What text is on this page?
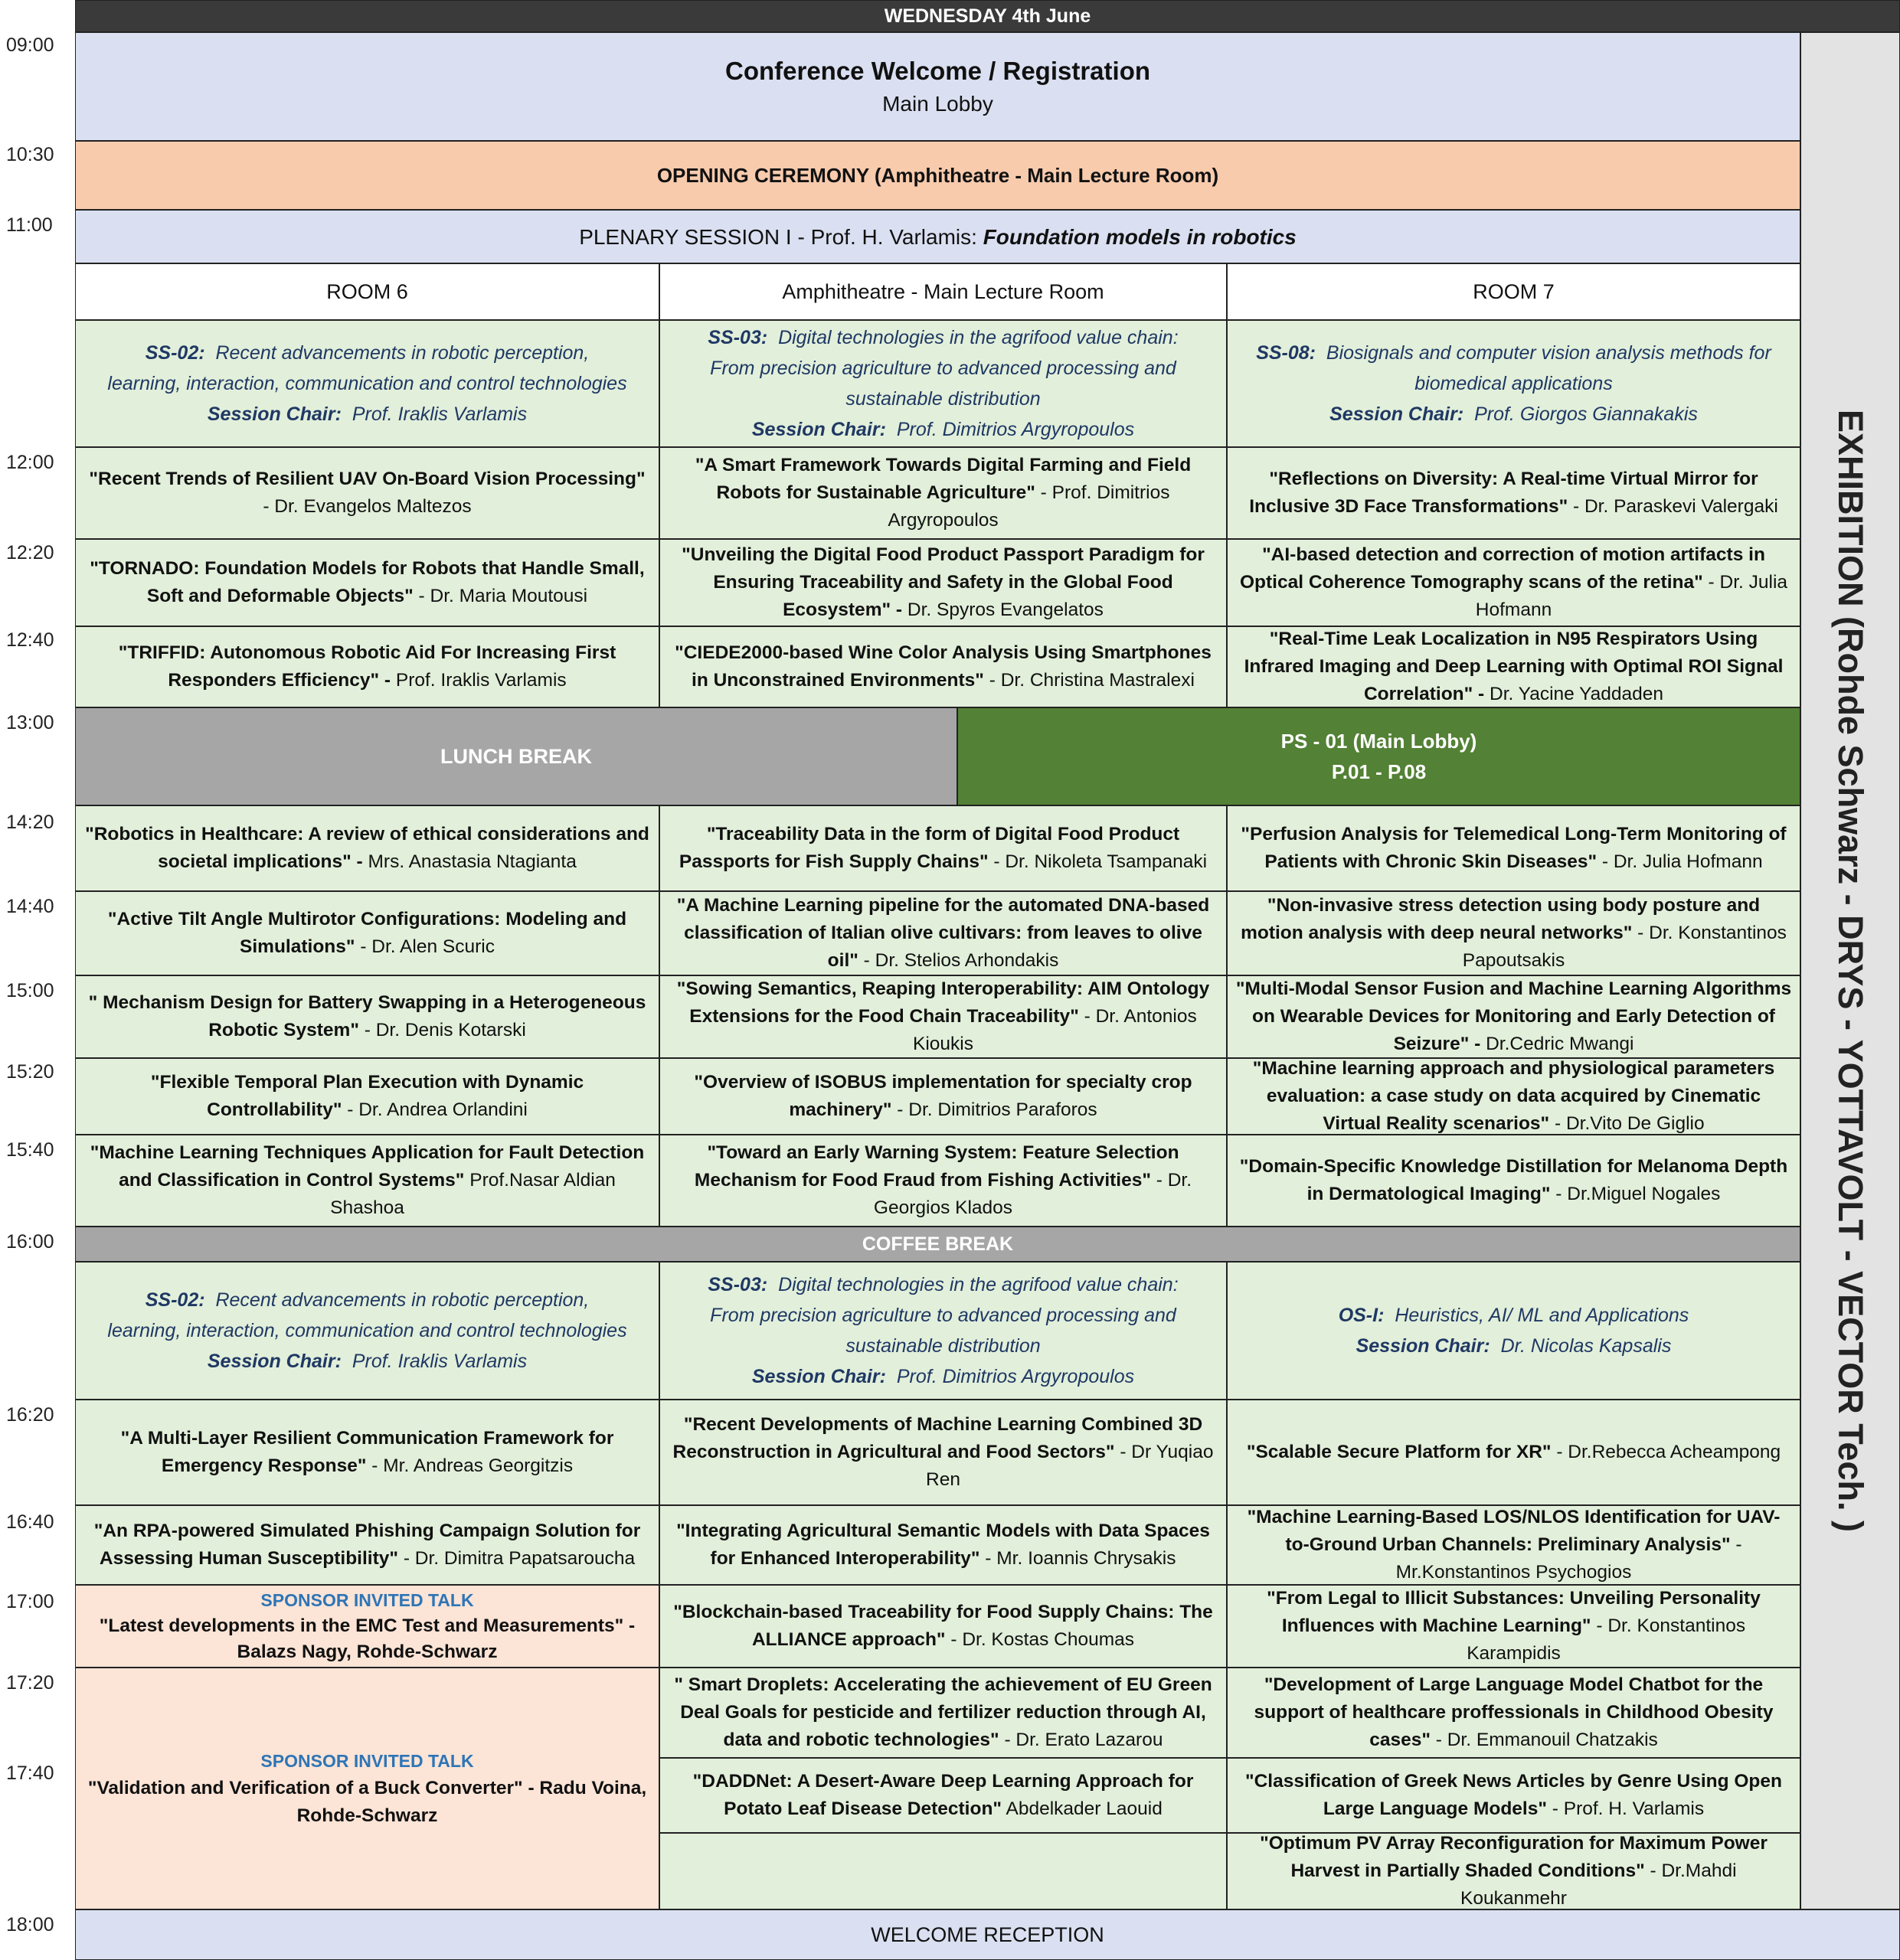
09:00
10:30
11:00
12:00
12:20
12:40
13:00
14:20
14:40
15:00
15:20
15:40
16:00
16:20
16:40
17:00
17:20
17:40
18:00
WEDNESDAY 4th June
Conference Welcome / Registration
Main Lobby
OPENING CEREMONY (Amphitheatre - Main Lecture Room)
PLENARY SESSION I - Prof. H. Varlamis: Foundation models in robotics
ROOM 6	Amphitheatre - Main Lecture Room	ROOM 7
EXHIBITION (Rohde Schwarz - DRYS - YOTTAVOLT - VECTOR Tech. )
SS-02: Recent advancements in robotic perception, learning, interaction, communication and control technologies
Session Chair: Prof. Iraklis Varlamis
SS-03: Digital technologies in the agrifood value chain: From precision agriculture to advanced processing and sustainable distribution
Session Chair: Prof. Dimitrios Argyropoulos
SS-08: Biosignals and computer vision analysis methods for biomedical applications
Session Chair: Prof. Giorgos Giannakakis
"Recent Trends of Resilient UAV On-Board Vision Processing" - Dr. Evangelos Maltezos
"A Smart Framework Towards Digital Farming and Field Robots for Sustainable Agriculture" - Prof. Dimitrios Argyropoulos
"Reflections on Diversity: A Real-time Virtual Mirror for Inclusive 3D Face Transformations" - Dr. Paraskevi Valergaki
"TORNADO: Foundation Models for Robots that Handle Small, Soft and Deformable Objects" - Dr. Maria Moutousi
"Unveiling the Digital Food Product Passport Paradigm for Ensuring Traceability and Safety in the Global Food Ecosystem" - Dr. Spyros Evangelatos
"AI-based detection and correction of motion artifacts in Optical Coherence Tomography scans of the retina" - Dr. Julia Hofmann
"TRIFFID: Autonomous Robotic Aid For Increasing First Responders Efficiency" - Prof. Iraklis Varlamis
"CIEDE2000-based Wine Color Analysis Using Smartphones in Unconstrained Environments" - Dr. Christina Mastralexi
"Real-Time Leak Localization in N95 Respirators Using Infrared Imaging and Deep Learning with Optimal ROI Signal Correlation" - Dr. Yacine Yaddaden
LUNCH BREAK
PS - 01 (Main Lobby)
P.01 - P.08
"Robotics in Healthcare: A review of ethical considerations and societal implications" - Mrs. Anastasia Ntagianta
"Traceability Data in the form of Digital Food Product Passports for Fish Supply Chains" - Dr. Nikoleta Tsampanaki
"Perfusion Analysis for Telemedical Long-Term Monitoring of Patients with Chronic Skin Diseases" - Dr. Julia Hofmann
"Active Tilt Angle Multirotor Configurations: Modeling and Simulations" - Dr. Alen Scuric
"A Machine Learning pipeline for the automated DNA-based classification of Italian olive cultivars: from leaves to olive oil" - Dr. Stelios Arhondakis
"Non-invasive stress detection using body posture and motion analysis with deep neural networks" - Dr. Konstantinos Papoutsakis
" Mechanism Design for Battery Swapping in a Heterogeneous Robotic System" - Dr. Denis Kotarski
"Sowing Semantics, Reaping Interoperability: AIM Ontology Extensions for the Food Chain Traceability" - Dr. Antonios Kioukis
"Multi-Modal Sensor Fusion and Machine Learning Algorithms on Wearable Devices for Monitoring and Early Detection of Seizure" - Dr.Cedric Mwangi
"Flexible Temporal Plan Execution with Dynamic Controllability" - Dr. Andrea Orlandini
"Overview of ISOBUS implementation for specialty crop machinery" - Dr. Dimitrios Paraforos
"Machine learning approach and physiological parameters evaluation: a case study on data acquired by Cinematic Virtual Reality scenarios" - Dr.Vito De Giglio
"Machine Learning Techniques Application for Fault Detection and Classification in Control Systems" Prof.Nasar Aldian Shashoa
"Toward an Early Warning System: Feature Selection Mechanism for Food Fraud from Fishing Activities" - Dr. Georgios Klados
"Domain-Specific Knowledge Distillation for Melanoma Depth in Dermatological Imaging" - Dr.Miguel Nogales
COFFEE BREAK
SS-02: Recent advancements in robotic perception, learning, interaction, communication and control technologies
Session Chair: Prof. Iraklis Varlamis
SS-03: Digital technologies in the agrifood value chain: From precision agriculture to advanced processing and sustainable distribution
Session Chair: Prof. Dimitrios Argyropoulos
OS-I: Heuristics, AI/ ML and Applications
Session Chair: Dr. Nicolas Kapsalis
"A Multi-Layer Resilient Communication Framework for Emergency Response" - Mr. Andreas Georgitzis
"Recent Developments of Machine Learning Combined 3D Reconstruction in Agricultural and Food Sectors" - Dr Yuqiao Ren
"Scalable Secure Platform for XR" - Dr.Rebecca Acheampong
"An RPA-powered Simulated Phishing Campaign Solution for Assessing Human Susceptibility" - Dr. Dimitra Papatsaroucha
"Integrating Agricultural Semantic Models with Data Spaces for Enhanced Interoperability" - Mr. Ioannis Chrysakis
"Machine Learning-Based LOS/NLOS Identification for UAV-to-Ground Urban Channels: Preliminary Analysis" - Mr.Konstantinos Psychogios
SPONSOR INVITED TALK
"Latest developments in the EMC Test and Measurements" - Balazs Nagy, Rohde-Schwarz
"Blockchain-based Traceability for Food Supply Chains: The ALLIANCE approach" - Dr. Kostas Choumas
"From Legal to Illicit Substances: Unveiling Personality Influences with Machine Learning" - Dr. Konstantinos Karampidis
SPONSOR INVITED TALK
"Validation and Verification of a Buck Converter" - Radu Voina, Rohde-Schwarz
" Smart Droplets: Accelerating the achievement of EU Green Deal Goals for pesticide and fertilizer reduction through AI, data and robotic technologies" - Dr. Erato Lazarou
"Development of Large Language Model Chatbot for the support of healthcare proffessionals in Childhood Obesity cases" - Dr. Emmanouil Chatzakis
"DADDNet: A Desert-Aware Deep Learning Approach for Potato Leaf Disease Detection" Abdelkader Laouid
"Classification of Greek News Articles by Genre Using Open Large Language Models" - Prof. H. Varlamis
"Optimum PV Array Reconfiguration for Maximum Power Harvest in Partially Shaded Conditions" - Dr.Mahdi Koukanmehr
WELCOME RECEPTION
